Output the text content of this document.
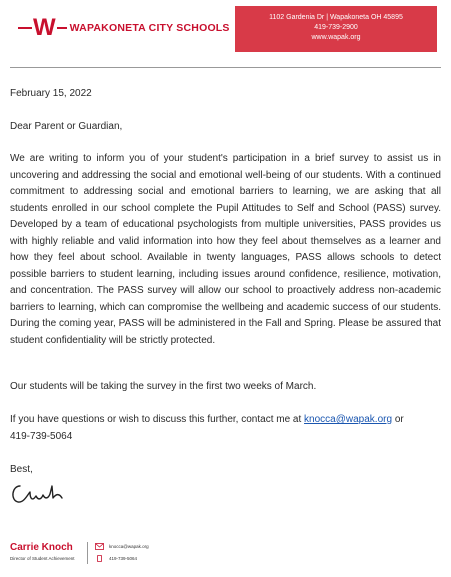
W WAPAKONETA CITY SCHOOLS
1102 Gardenia Dr | Wapakoneta OH 45895
419-739-2900
www.wapak.org

February 15, 2022

Dear Parent or Guardian,

We are writing to inform you of your student's participation in a brief survey to assist us in uncovering and addressing the social and emotional well-being of our students. With a continued commitment to addressing social and emotional barriers to learning, we are asking that all students enrolled in our school complete the Pupil Attitudes to Self and School (PASS) survey. Developed by a team of educational psychologists from multiple universities, PASS provides us with highly reliable and valid information into how they feel about themselves as a learner and how they feel about school. Available in twenty languages, PASS allows schools to detect possible barriers to student learning, including issues around confidence, resilience, motivation, and concentration. The PASS survey will allow our school to proactively address non-academic barriers to learning, which can compromise the wellbeing and academic success of our students. During the coming year, PASS will be administered in the Fall and Spring. Please be assured that student confidentiality will be strictly protected.

Our students will be taking the survey in the first two weeks of March.

If you have questions or wish to discuss this further, contact me at knocca@wapak.org or
419-739-5064

Best,

Carrie Knoch
Director of Student Achievement
knocca@wapak.org
419-739-5064
